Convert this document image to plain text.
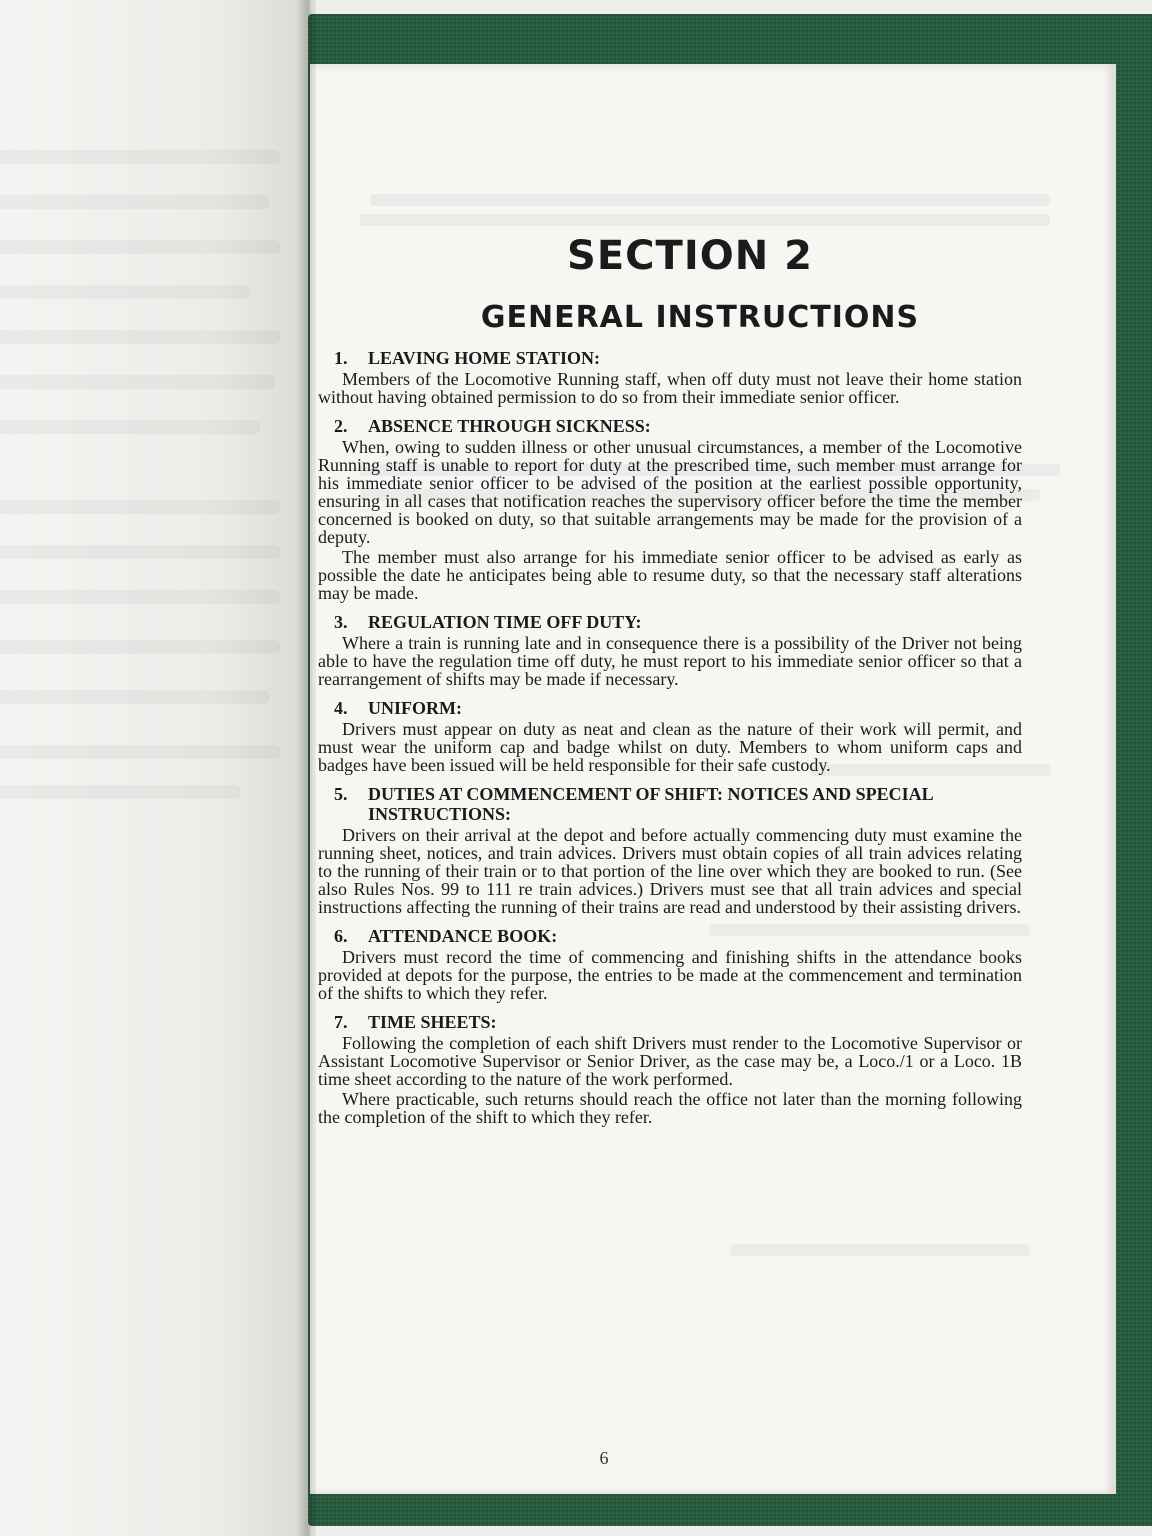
SECTION 2
GENERAL INSTRUCTIONS
1.	LEAVING HOME STATION:

Members of the Locomotive Running staff, when off duty must not leave their home station without having obtained permission to do so from their immediate senior officer.

2.	ABSENCE THROUGH SICKNESS:

When, owing to sudden illness or other unusual circumstances, a member of the Locomotive Running staff is unable to report for duty at the prescribed time, such member must arrange for his immediate senior officer to be advised of the position at the earliest possible opportunity, ensuring in all cases that notification reaches the supervisory officer before the time the member concerned is booked on duty, so that suitable arrangements may be made for the provision of a deputy.

The member must also arrange for his immediate senior officer to be advised as early as possible the date he anticipates being able to resume duty, so that the necessary staff alterations may be made.

3.	REGULATION TIME OFF DUTY:

Where a train is running late and in consequence there is a possibility of the Driver not being able to have the regulation time off duty, he must report to his immediate senior officer so that a rearrangement of shifts may be made if necessary.

4.	UNIFORM:

Drivers must appear on duty as neat and clean as the nature of their work will permit, and must wear the uniform cap and badge whilst on duty. Members to whom uniform caps and badges have been issued will be held responsible for their safe custody.

5.	DUTIES AT COMMENCEMENT OF SHIFT: NOTICES AND SPECIAL INSTRUCTIONS:

Drivers on their arrival at the depot and before actually commencing duty must examine the running sheet, notices, and train advices. Drivers must obtain copies of all train advices relating to the running of their train or to that portion of the line over which they are booked to run. (See also Rules Nos. 99 to 111 re train advices.) Drivers must see that all train advices and special instructions affecting the running of their trains are read and understood by their assisting drivers.

6.	ATTENDANCE BOOK:

Drivers must record the time of commencing and finishing shifts in the attendance books provided at depots for the purpose, the entries to be made at the commencement and termination of the shifts to which they refer.

7.	TIME SHEETS:

Following the completion of each shift Drivers must render to the Locomotive Supervisor or Assistant Locomotive Supervisor or Senior Driver, as the case may be, a Loco./1 or a Loco. 1B time sheet according to the nature of the work performed.

Where practicable, such returns should reach the office not later than the morning following the completion of the shift to which they refer.

6
